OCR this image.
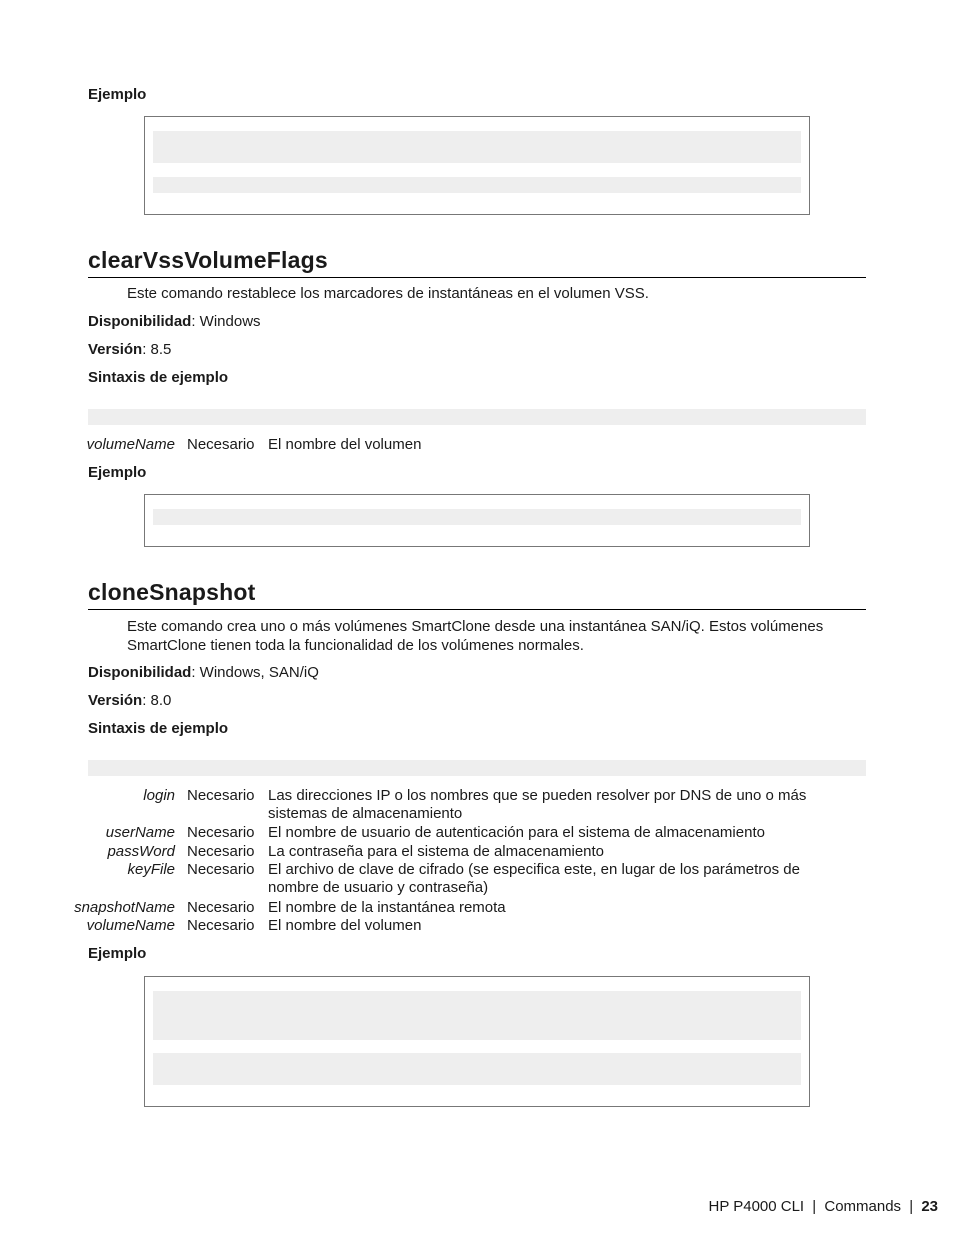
Ejemplo
clearVssVolumeFlags
Este comando restablece los marcadores de instantáneas en el volumen VSS.
Disponibilidad: Windows
Versión: 8.5
Sintaxis de ejemplo
volumeName Necesario El nombre del volumen
Ejemplo
cloneSnapshot
Este comando crea uno o más volúmenes SmartClone desde una instantánea SAN/iQ. Estos volúmenes
SmartClone tienen toda la funcionalidad de los volúmenes normales.
Disponibilidad: Windows, SAN/iQ
Versión: 8.0
Sintaxis de ejemplo
login Necesario Las direcciones IP o los nombres que se pueden resolver por DNS de uno o más
sistemas de almacenamiento
userName Necesario El nombre de usuario de autenticación para el sistema de almacenamiento
passWord Necesario La contraseña para el sistema de almacenamiento
keyFile Necesario El archivo de clave de cifrado (se especifica este, en lugar de los parámetros de
nombre de usuario y contraseña)
snapshotName Necesario El nombre de la instantánea remota
volumeName Necesario El nombre del volumen
Ejemplo
HP P4000 CLI | Commands | 23
